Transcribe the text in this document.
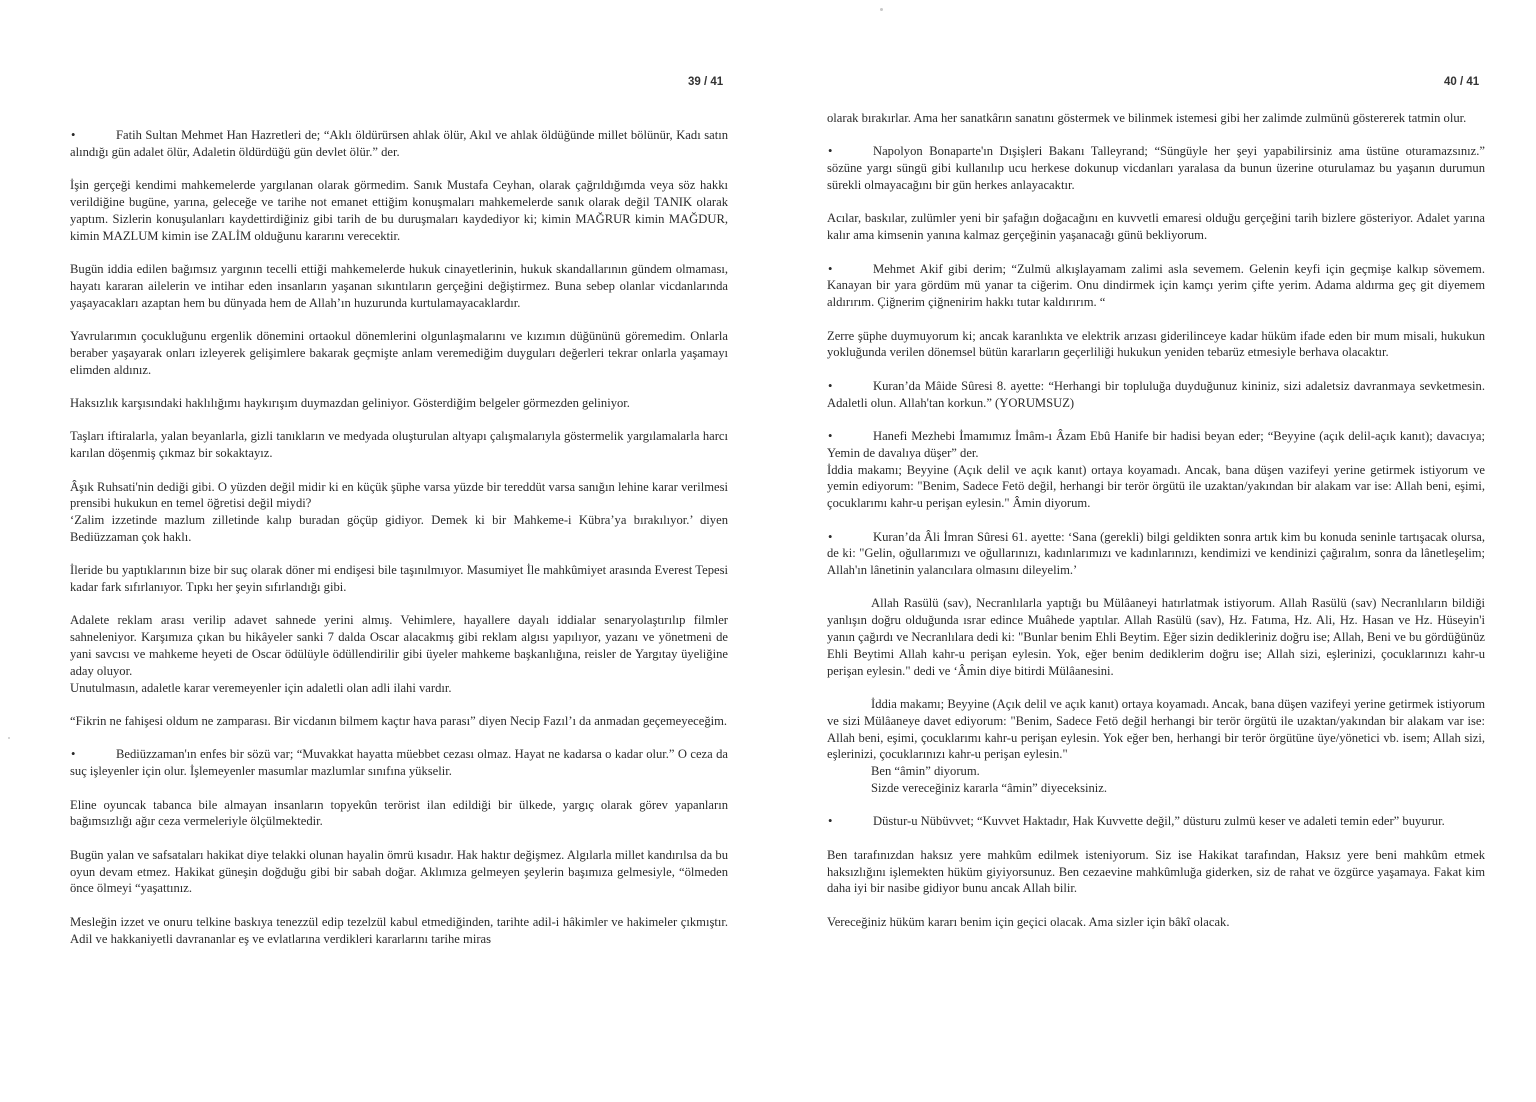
39 / 41

• Fatih Sultan Mehmet Han Hazretleri de; “Aklı öldürürsen ahlak ölür, Akıl ve ahlak öldüğünde millet bölünür, Kadı satın alındığı gün adalet ölür, Adaletin öldürdüğü gün devlet ölür.” der.

İşin gerçeği kendimi mahkemelerde yargılanan olarak görmedim. Sanık Mustafa Ceyhan, olarak çağrıldığımda veya söz hakkı verildiğine bugüne, yarına, geleceğe ve tarihe not emanet ettiğim konuşmaları mahkemelerde sanık olarak değil TANIK olarak yaptım. Sizlerin konuşulanları kaydettirdiğiniz gibi tarih de bu duruşmaları kaydediyor ki; kimin MAĞRUR kimin MAĞDUR, kimin MAZLUM kimin ise ZALİM olduğunu kararını verecektir.

Bugün iddia edilen bağımsız yargının tecelli ettiği mahkemelerde hukuk cinayetlerinin, hukuk skandallarının gündem olmaması, hayatı kararan ailelerin ve intihar eden insanların yaşanan sıkıntıların gerçeğini değiştirmez. Buna sebep olanlar vicdanlarında yaşayacakları azaptan hem bu dünyada hem de Allah’ın huzurunda kurtulamayacaklardır.

Yavrularımın çocukluğunu ergenlik dönemini ortaokul dönemlerini olgunlaşmalarını ve kızımın düğününü göremedim. Onlarla beraber yaşayarak onları izleyerek gelişimlere bakarak geçmişte anlam veremediğim duyguları değerleri tekrar onlarla yaşamayı elimden aldınız.

Haksızlık karşısındaki haklılığımı haykırışım duymazdan geliniyor. Gösterdiğim belgeler görmezden geliniyor.

Taşları iftiralarla, yalan beyanlarla, gizli tanıkların ve medyada oluşturulan altyapı çalışmalarıyla göstermelik yargılamalarla harcı karılan döşenmiş çıkmaz bir sokaktayız.

Âşık Ruhsati'nin dediği gibi. O yüzden değil midir ki en küçük şüphe varsa yüzde bir tereddüt varsa sanığın lehine karar verilmesi prensibi hukukun en temel öğretisi değil miydi?
‘Zalim izzetinde mazlum zilletinde kalıp buradan göçüp gidiyor. Demek ki bir Mahkeme-i Kübra’ya bırakılıyor.’ diyen Bediüzzaman çok haklı.

İleride bu yaptıklarının bize bir suç olarak döner mi endişesi bile taşınılmıyor. Masumiyet İle mahkûmiyet arasında Everest Tepesi kadar fark sıfırlanıyor. Tıpkı her şeyin sıfırlandığı gibi.

Adalete reklam arası verilip adavet sahnede yerini almış. Vehimlere, hayallere dayalı iddialar senaryolaştırılıp filmler sahneleniyor. Karşımıza çıkan bu hikâyeler sanki 7 dalda Oscar alacakmış gibi reklam algısı yapılıyor, yazanı ve yönetmeni de yani savcısı ve mahkeme heyeti de Oscar ödülüyle ödüllendirilir gibi üyeler mahkeme başkanlığına, reisler de Yargıtay üyeliğine aday oluyor.
Unutulmasın, adaletle karar veremeyenler için adaletli olan adli ilahi vardır.

“Fikrin ne fahişesi oldum ne zamparası. Bir vicdanın bilmem kaçtır hava parası” diyen Necip Fazıl’ı da anmadan geçemeyeceğim.

• Bediüzzaman'ın enfes bir sözü var; “Muvakkat hayatta müebbet cezası olmaz. Hayat ne kadarsa o kadar olur.” O ceza da suç işleyenler için olur. İşlemeyenler masumlar mazlumlar sınıfına yükselir.

Eline oyuncak tabanca bile almayan insanların topyekûn terörist ilan edildiği bir ülkede, yargıç olarak görev yapanların bağımsızlığı ağır ceza vermeleriyle ölçülmektedir.

Bugün yalan ve safsataları hakikat diye telakki olunan hayalin ömrü kısadır. Hak haktır değişmez. Algılarla millet kandırılsa da bu oyun devam etmez. Hakikat güneşin doğduğu gibi bir sabah doğar. Aklımıza gelmeyen şeylerin başımıza gelmesiyle, “ölmeden önce ölmeyi “yaşattınız.

Mesleğin izzet ve onuru telkine baskıya tenezzül edip tezelzül kabul etmediğinden, tarihte adil-i hâkimler ve hakimeler çıkmıştır. Adil ve hakkaniyetli davrananlar eş ve evlatlarına verdikleri kararlarını tarihe miras

40 / 41

olarak bırakırlar. Ama her sanatkârın sanatını göstermek ve bilinmek istemesi gibi her zalimde zulmünü göstererek tatmin olur.

• Napolyon Bonaparte'ın Dışişleri Bakanı Talleyrand; “Süngüyle her şeyi yapabilirsiniz ama üstüne oturamazsınız.” sözüne yargı süngü gibi kullanılıp ucu herkese dokunup vicdanları yaralasa da bunun üzerine oturulamaz bu yaşanın durumun sürekli olmayacağını bir gün herkes anlayacaktır.

Acılar, baskılar, zulümler yeni bir şafağın doğacağını en kuvvetli emaresi olduğu gerçeğini tarih bizlere gösteriyor. Adalet yarına kalır ama kimsenin yanına kalmaz gerçeğinin yaşanacağı günü bekliyorum.

• Mehmet Akif gibi derim; “Zulmü alkışlayamam zalimi asla sevemem. Gelenin keyfi için geçmişe kalkıp sövemem. Kanayan bir yara gördüm mü yanar ta ciğerim. Onu dindirmek için kamçı yerim çifte yerim. Adama aldırma geç git diyemem aldırırım. Çiğnerim çiğnenirim hakkı tutar kaldırırım. “

Zerre şüphe duymuyorum ki; ancak karanlıkta ve elektrik arızası giderilinceye kadar hüküm ifade eden bir mum misali, hukukun yokluğunda verilen dönemsel bütün kararların geçerliliği hukukun yeniden tebarüz etmesiyle berhava olacaktır.

• Kuran’da Mâide Sûresi 8. ayette: “Herhangi bir topluluğa duyduğunuz kininiz, sizi adaletsiz davranmaya sevketmesin. Adaletli olun. Allah'tan korkun.” (YORUMSUZ)

• Hanefi Mezhebi İmamımız İmâm-ı Âzam Ebû Hanife bir hadisi beyan eder; “Beyyine (açık delil-açık kanıt); davacıya; Yemin de davalıya düşer” der.
İddia makamı; Beyyine (Açık delil ve açık kanıt) ortaya koyamadı. Ancak, bana düşen vazifeyi yerine getirmek istiyorum ve yemin ediyorum: "Benim, Sadece Fetö değil, herhangi bir terör örgütü ile uzaktan/yakından bir alakam var ise: Allah beni, eşimi, çocuklarımı kahr-u perişan eylesin." Âmin diyorum.

• Kuran’da Âli İmran Sûresi 61. ayette: ‘Sana (gerekli) bilgi geldikten sonra artık kim bu konuda seninle tartışacak olursa, de ki: "Gelin, oğullarımızı ve oğullarınızı, kadınlarımızı ve kadınlarınızı, kendimizi ve kendinizi çağıralım, sonra da lânetleşelim; Allah'ın lânetinin yalancılara olmasını dileyelim.’

Allah Rasülü (sav), Necranlılarla yaptığı bu Mülâaneyi hatırlatmak istiyorum. Allah Rasülü (sav) Necranlıların bildiği yanlışın doğru olduğunda ısrar edince Muâhede yaptılar. Allah Rasülü (sav), Hz. Fatıma, Hz. Ali, Hz. Hasan ve Hz. Hüseyin'i yanın çağırdı ve Necranlılara dedi ki: "Bunlar benim Ehli Beytim. Eğer sizin dedikleriniz doğru ise; Allah, Beni ve bu gördüğünüz Ehli Beytimi Allah kahr-u perişan eylesin. Yok, eğer benim dediklerim doğru ise; Allah sizi, eşlerinizi, çocuklarınızı kahr-u perişan eylesin." dedi ve ‘Âmin diye bitirdi Mülâanesini.

İddia makamı; Beyyine (Açık delil ve açık kanıt) ortaya koyamadı. Ancak, bana düşen vazifeyi yerine getirmek istiyorum ve sizi Mülâaneye davet ediyorum: "Benim, Sadece Fetö değil herhangi bir terör örgütü ile uzaktan/yakından bir alakam var ise: Allah beni, eşimi, çocuklarımı kahr-u perişan eylesin. Yok eğer ben, herhangi bir terör örgütüne üye/yönetici vb. isem; Allah sizi, eşlerinizi, çocuklarınızı kahr-u perişan eylesin."
Ben “âmin” diyorum.
Sizde vereceğiniz kararla “âmin” diyeceksiniz.

• Düstur-u Nübüvvet; “Kuvvet Haktadır, Hak Kuvvette değil,” düsturu zulmü keser ve adaleti temin eder” buyurur.

Ben tarafınızdan haksız yere mahkûm edilmek isteniyorum. Siz ise Hakikat tarafından, Haksız yere beni mahkûm etmek haksızlığını işlemekten hüküm giyiyorsunuz. Ben cezaevine mahkûmluğa giderken, siz de rahat ve özgürce yaşamaya. Fakat kim daha iyi bir nasibe gidiyor bunu ancak Allah bilir.

Vereceğiniz hüküm kararı benim için geçici olacak. Ama sizler için bâkî olacak.
